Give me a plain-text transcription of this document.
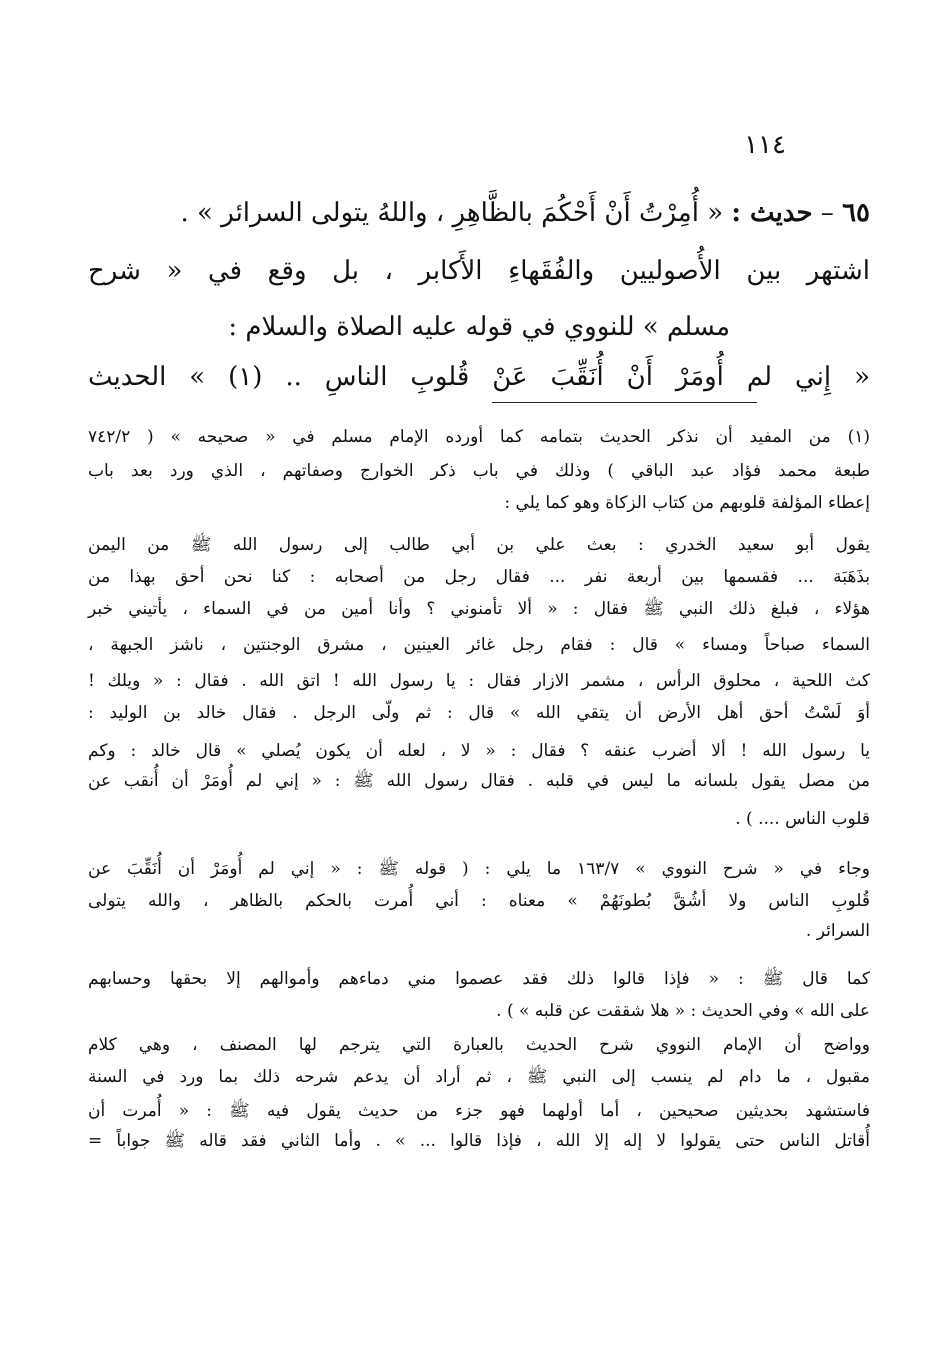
١١٤
٦٥ – حديث : « أُمِرْتُ أَنْ أَحْكُمَ بالظَّاهِرِ ، واللهُ يتولى السرائر » .
اشتهر بين الأُصوليين والفُقَهاءِ الأَكابر ، بل وقع في « شرح
مسلم » للنووي في قوله عليه الصلاة والسلام :
« إِني لم أُومَرْ أَنْ أُنَقِّبَ عَنْ قُلوبِ الناسِ .. (١) » الحديث
(١) من المفيد أن نذكر الحديث بتمامه كما أورده الإمام مسلم في « صحيحه » ( ٧٤٢/٢
طبعة محمد فؤاد عبد الباقي ) وذلك في باب ذكر الخوارج وصفاتهم ، الذي ورد بعد باب
إعطاء المؤلفة قلوبهم من كتاب الزكاة وهو كما يلي :
يقول أبو سعيد الخدري : بعث علي بن أبي طالب إلى رسول الله ﷺ من اليمن
بذَهَبَة ... فقسمها بين أربعة نفر ... فقال رجل من أصحابه : كنا نحن أحق بهذا من
هؤلاء ، فبلغ ذلك النبي ﷺ فقال : « ألا تأمنوني ؟ وأنا أمين من في السماء ، يأتيني خبر
السماء صباحاً ومساء » قال : فقام رجل غائر العينين ، مشرق الوجنتين ، ناشز الجبهة ،
كث اللحية ، محلوق الرأس ، مشمر الازار فقال : يا رسول الله ! اتق الله . فقال : « ويلك !
أوَ لَسْتُ أحق أهل الأرض أن يتقي الله » قال : ثم ولّى الرجل . فقال خالد بن الوليد :
يا رسول الله ! ألا أضرب عنقه ؟ فقال : « لا ، لعله أن يكون يُصلي » قال خالد : وكم
من مصل يقول بلسانه ما ليس في قلبه . فقال رسول الله ﷺ : « إني لم أُومَرْ أن أُنقب عن
قلوب الناس .... ) .
وجاء في « شرح النووي » ١٦٣/٧ ما يلي : ( قوله ﷺ : « إني لم أُومَرْ أن أُنَقِّبَ عن
قُلوبِ الناس ولا أشُقَّ بُطونَهُمْ » معناه : أني أُمرت بالحكم بالظاهر ، والله يتولى
السرائر .
كما قال ﷺ : « فإذا قالوا ذلك فقد عصموا مني دماءهم وأموالهم إلا بحقها وحسابهم
على الله » وفي الحديث : « هلا شققت عن قلبه » ) .
وواضح أن الإمام النووي شرح الحديث بالعبارة التي يترجم لها المصنف ، وهي كلام
مقبول ، ما دام لم ينسب إلى النبي ﷺ ، ثم أراد أن يدعم شرحه ذلك بما ورد في السنة
فاستشهد بحديثين صحيحين ، أما أولهما فهو جزء من حديث يقول فيه ﷺ : « أُمرت أن
أُقاتل الناس حتى يقولوا لا إله إلا الله ، فإذا قالوا ... » . وأما الثاني فقد قاله ﷺ جواباً =
